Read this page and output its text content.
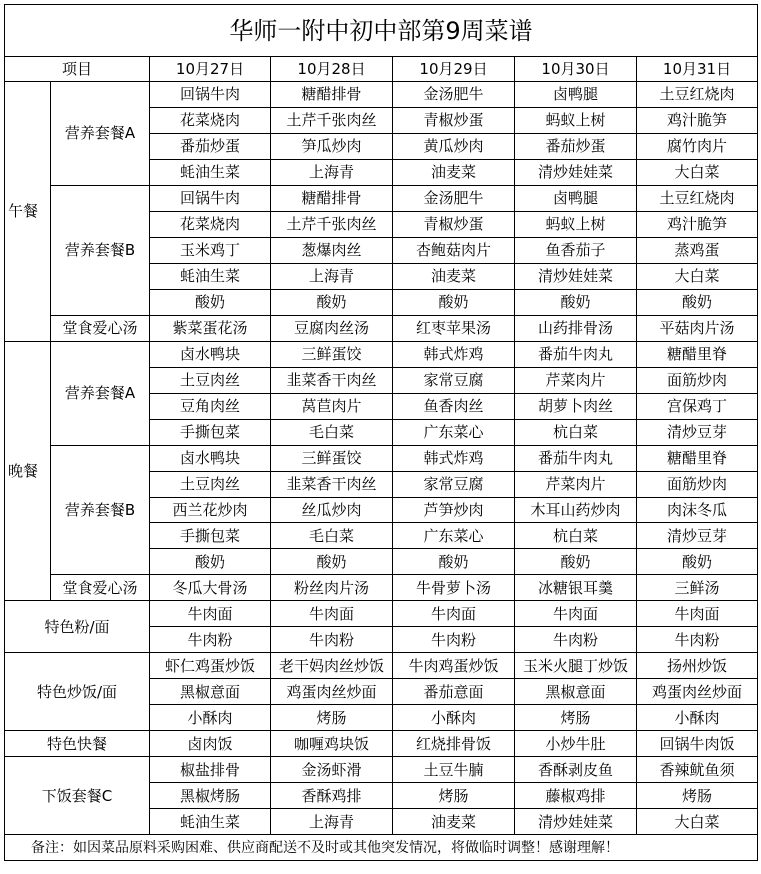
华师一附中初中部第9周菜谱						
项目		10月27日	10月28日	10月29日	10月30日	10月31日
午餐	营养套餐A	回锅牛肉	糖醋排骨	金汤肥牛	卤鸭腿	土豆红烧肉
		花菜烧肉	土芹千张肉丝	青椒炒蛋	蚂蚁上树	鸡汁脆笋
		番茄炒蛋	笋瓜炒肉	黄瓜炒肉	番茄炒蛋	腐竹肉片
		蚝油生菜	上海青	油麦菜	清炒娃娃菜	大白菜
	营养套餐B	回锅牛肉	糖醋排骨	金汤肥牛	卤鸭腿	土豆红烧肉
		花菜烧肉	土芹千张肉丝	青椒炒蛋	蚂蚁上树	鸡汁脆笋
		玉米鸡丁	葱爆肉丝	杏鲍菇肉片	鱼香茄子	蒸鸡蛋
		蚝油生菜	上海青	油麦菜	清炒娃娃菜	大白菜
		酸奶	酸奶	酸奶	酸奶	酸奶
	堂食爱心汤	紫菜蛋花汤	豆腐肉丝汤	红枣苹果汤	山药排骨汤	平菇肉片汤
晚餐	营养套餐A	卤水鸭块	三鲜蛋饺	韩式炸鸡	番茄牛肉丸	糖醋里脊
		土豆肉丝	韭菜香干肉丝	家常豆腐	芹菜肉片	面筋炒肉
		豆角肉丝	莴苣肉片	鱼香肉丝	胡萝卜肉丝	宫保鸡丁
		手撕包菜	毛白菜	广东菜心	杭白菜	清炒豆芽
	营养套餐B	卤水鸭块	三鲜蛋饺	韩式炸鸡	番茄牛肉丸	糖醋里脊
		土豆肉丝	韭菜香干肉丝	家常豆腐	芹菜肉片	面筋炒肉
		西兰花炒肉	丝瓜炒肉	芦笋炒肉	木耳山药炒肉	肉沫冬瓜
		手撕包菜	毛白菜	广东菜心	杭白菜	清炒豆芽
		酸奶	酸奶	酸奶	酸奶	酸奶
	堂食爱心汤	冬瓜大骨汤	粉丝肉片汤	牛骨萝卜汤	冰糖银耳羹	三鲜汤
特色粉/面		牛肉面	牛肉面	牛肉面	牛肉面	牛肉面
		牛肉粉	牛肉粉	牛肉粉	牛肉粉	牛肉粉
特色炒饭/面		虾仁鸡蛋炒饭	老干妈肉丝炒饭	牛肉鸡蛋炒饭	玉米火腿丁炒饭	扬州炒饭
		黑椒意面	鸡蛋肉丝炒面	番茄意面	黑椒意面	鸡蛋肉丝炒面
		小酥肉	烤肠	小酥肉	烤肠	小酥肉
特色快餐		卤肉饭	咖喱鸡块饭	红烧排骨饭	小炒牛肚	回锅牛肉饭
下饭套餐C		椒盐排骨	金汤虾滑	土豆牛腩	香酥剥皮鱼	香辣鱿鱼须
		黑椒烤肠	香酥鸡排	烤肠	藤椒鸡排	烤肠
		蚝油生菜	上海青	油麦菜	清炒娃娃菜	大白菜
备注：如因菜品原料采购困难、供应商配送不及时或其他突发情况，将做临时调整！感谢理解！						
